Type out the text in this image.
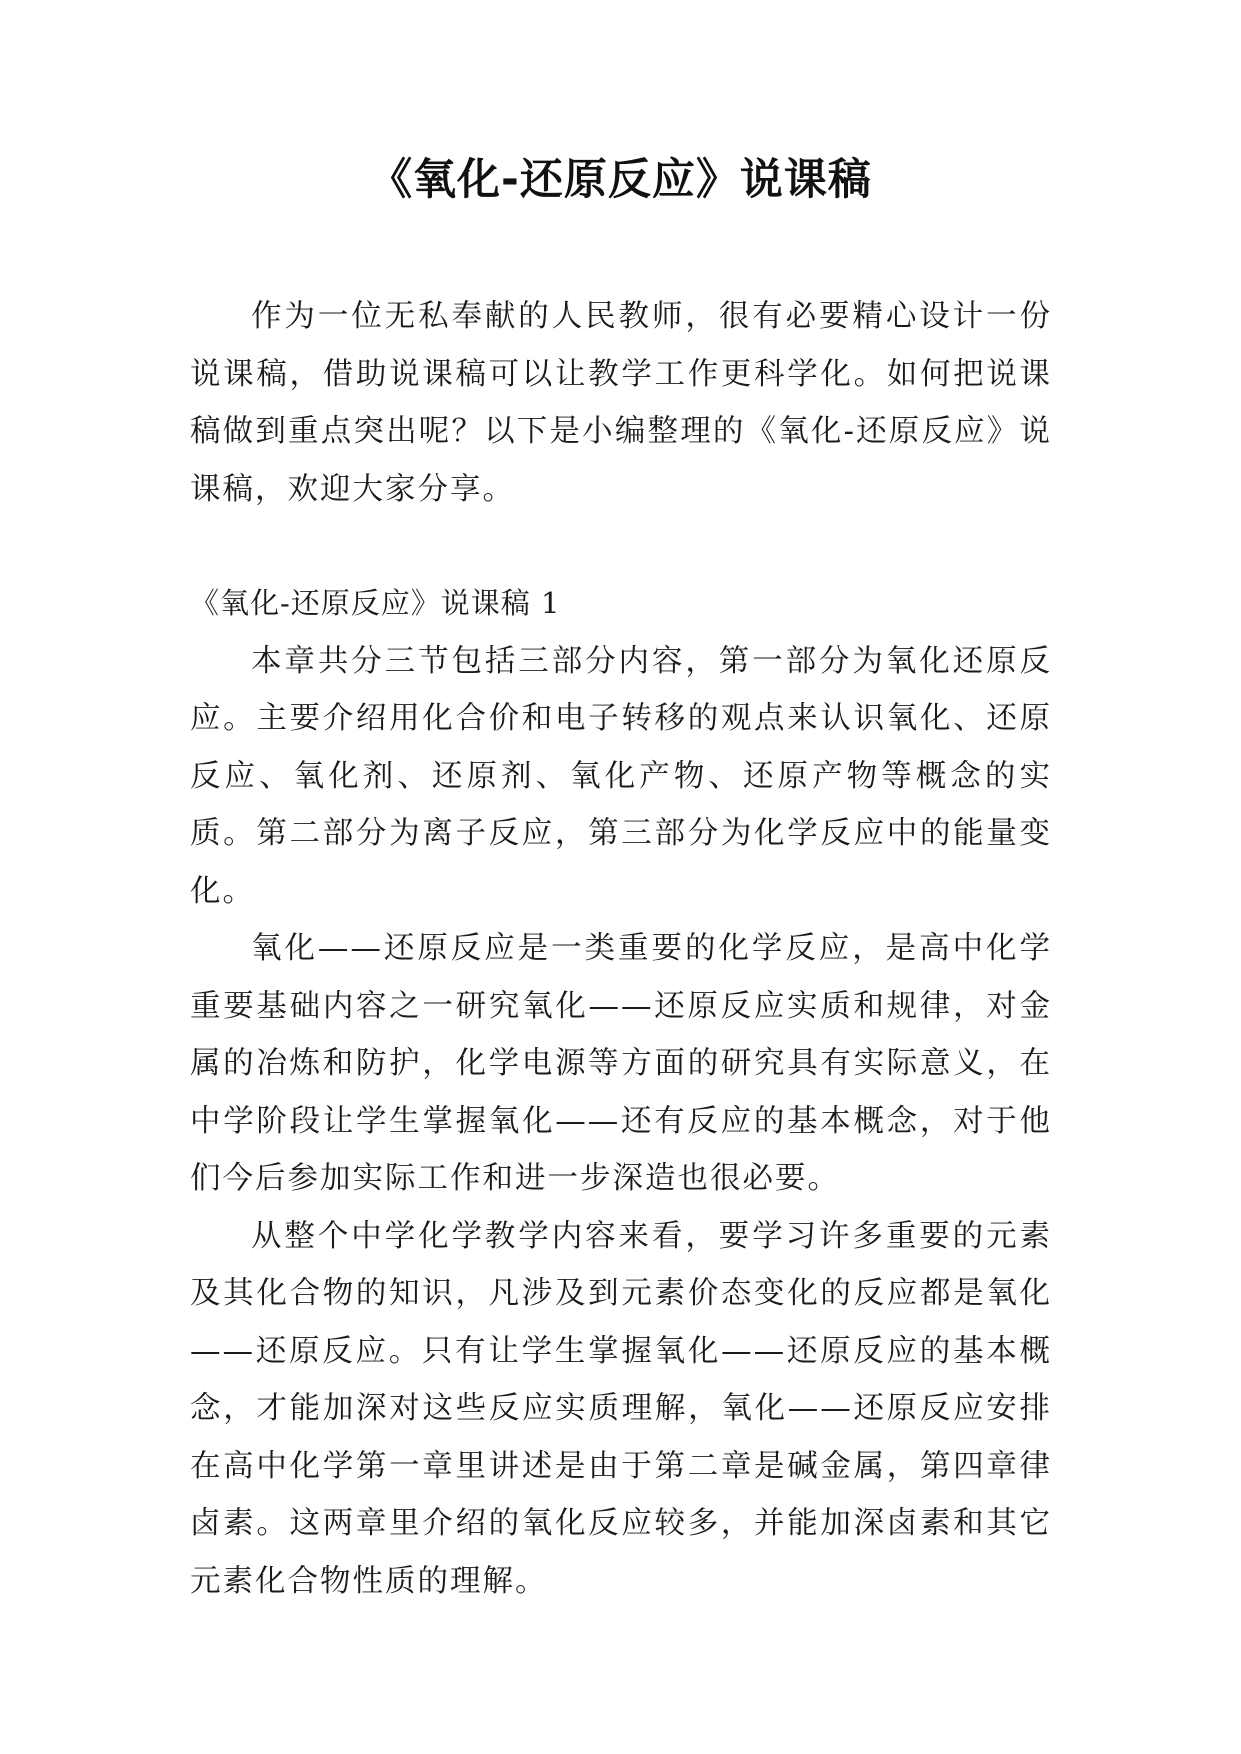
《氧化-还原反应》说课稿

作为一位无私奉献的人民教师，很有必要精心设计一份说课稿，借助说课稿可以让教学工作更科学化。如何把说课稿做到重点突出呢？以下是小编整理的《氧化-还原反应》说课稿，欢迎大家分享。

《氧化-还原反应》说课稿 1

本章共分三节包括三部分内容，第一部分为氧化还原反应。主要介绍用化合价和电子转移的观点来认识氧化、还原反应、氧化剂、还原剂、氧化产物、还原产物等概念的实质。第二部分为离子反应，第三部分为化学反应中的能量变化。

氧化——还原反应是一类重要的化学反应，是高中化学重要基础内容之一研究氧化——还原反应实质和规律，对金属的冶炼和防护，化学电源等方面的研究具有实际意义，在中学阶段让学生掌握氧化——还有反应的基本概念，对于他们今后参加实际工作和进一步深造也很必要。

从整个中学化学教学内容来看，要学习许多重要的元素及其化合物的知识，凡涉及到元素价态变化的反应都是氧化——还原反应。只有让学生掌握氧化——还原反应的基本概念，才能加深对这些反应实质理解，氧化——还原反应安排在高中化学第一章里讲述是由于第二章是碱金属，第四章律卤素。这两章里介绍的氧化反应较多，并能加深卤素和其它元素化合物性质的理解。
